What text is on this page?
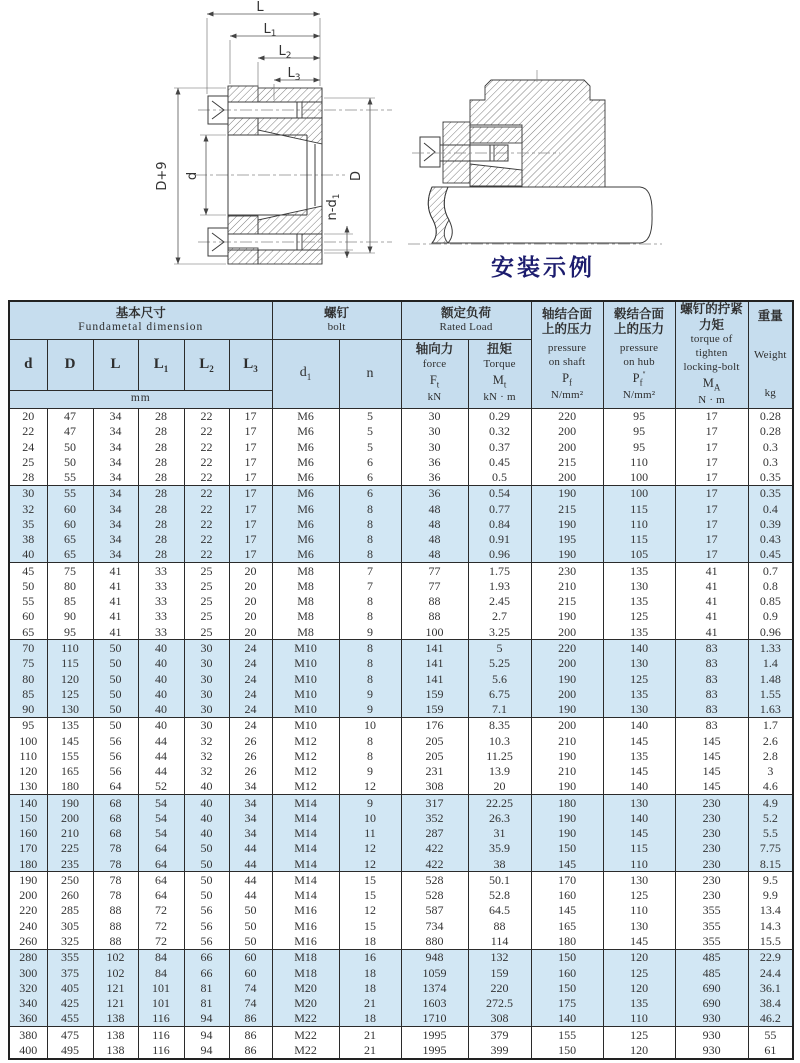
L
$L_1$
$L_2$
$L_3$
D+9 d	D
$n-d_1$
安装示例
基本尺寸
Fundametal dimension

螺钉
bolt

额定负荷
Rated Load

轴结合面
上的压力
pressure
on shaft
$P_f$
N/mm²

毂结合面
上的压力
pressure
on hub
$P_f''$
N/mm²

螺钉的拧紧
力矩
torque of
tighten
locking-bolt
$M_A$
N · m

重量
Weight
kg

d	D	L	$L_1$	$L_2$	$L_3$	$d_1$	n	
轴向力
force
$F_t$
kN

扭矩
Torque
$M_t$
kN · m

mm													
20	47	34	28	22	17	M6	5	30	0.29	220	95	17	0.28
22	47	34	28	22	17	M6	5	30	0.32	200	95	17	0.28
24	50	34	28	22	17	M6	5	30	0.37	200	95	17	0.3
25	50	34	28	22	17	M6	6	36	0.45	215	110	17	0.3
28	55	34	28	22	17	M6	6	36	0.5	200	100	17	0.35
30	55	34	28	22	17	M6	6	36	0.54	190	100	17	0.35
32	60	34	28	22	17	M6	8	48	0.77	215	115	17	0.4
35	60	34	28	22	17	M6	8	48	0.84	190	110	17	0.39
38	65	34	28	22	17	M6	8	48	0.91	195	115	17	0.43
40	65	34	28	22	17	M6	8	48	0.96	190	105	17	0.45
45	75	41	33	25	20	M8	7	77	1.75	230	135	41	0.7
50	80	41	33	25	20	M8	7	77	1.93	210	130	41	0.8
55	85	41	33	25	20	M8	8	88	2.45	215	135	41	0.85
60	90	41	33	25	20	M8	8	88	2.7	190	125	41	0.9
65	95	41	33	25	20	M8	9	100	3.25	200	135	41	0.96
70	110	50	40	30	24	M10	8	141	5	220	140	83	1.33
75	115	50	40	30	24	M10	8	141	5.25	200	130	83	1.4
80	120	50	40	30	24	M10	8	141	5.6	190	125	83	1.48
85	125	50	40	30	24	M10	9	159	6.75	200	135	83	1.55
90	130	50	40	30	24	M10	9	159	7.1	190	130	83	1.63
95	135	50	40	30	24	M10	10	176	8.35	200	140	83	1.7
100	145	56	44	32	26	M12	8	205	10.3	210	145	145	2.6
110	155	56	44	32	26	M12	8	205	11.25	190	135	145	2.8
120	165	56	44	32	26	M12	9	231	13.9	210	145	145	3
130	180	64	52	40	34	M12	12	308	20	190	140	145	4.6
140	190	68	54	40	34	M14	9	317	22.25	180	130	230	4.9
150	200	68	54	40	34	M14	10	352	26.3	190	140	230	5.2
160	210	68	54	40	34	M14	11	287	31	190	145	230	5.5
170	225	78	64	50	44	M14	12	422	35.9	150	115	230	7.75
180	235	78	64	50	44	M14	12	422	38	145	110	230	8.15
190	250	78	64	50	44	M14	15	528	50.1	170	130	230	9.5
200	260	78	64	50	44	M14	15	528	52.8	160	125	230	9.9
220	285	88	72	56	50	M16	12	587	64.5	145	110	355	13.4
240	305	88	72	56	50	M16	15	734	88	165	130	355	14.3
260	325	88	72	56	50	M16	18	880	114	180	145	355	15.5
280	355	102	84	66	60	M18	16	948	132	150	120	485	22.9
300	375	102	84	66	60	M18	18	1059	159	160	125	485	24.4
320	405	121	101	81	74	M20	18	1374	220	150	120	690	36.1
340	425	121	101	81	74	M20	21	1603	272.5	175	135	690	38.4
360	455	138	116	94	86	M22	18	1710	308	140	110	930	46.2
380	475	138	116	94	86	M22	21	1995	379	155	125	930	55
400	495	138	116	94	86	M22	21	1995	399	150	120	930	61
